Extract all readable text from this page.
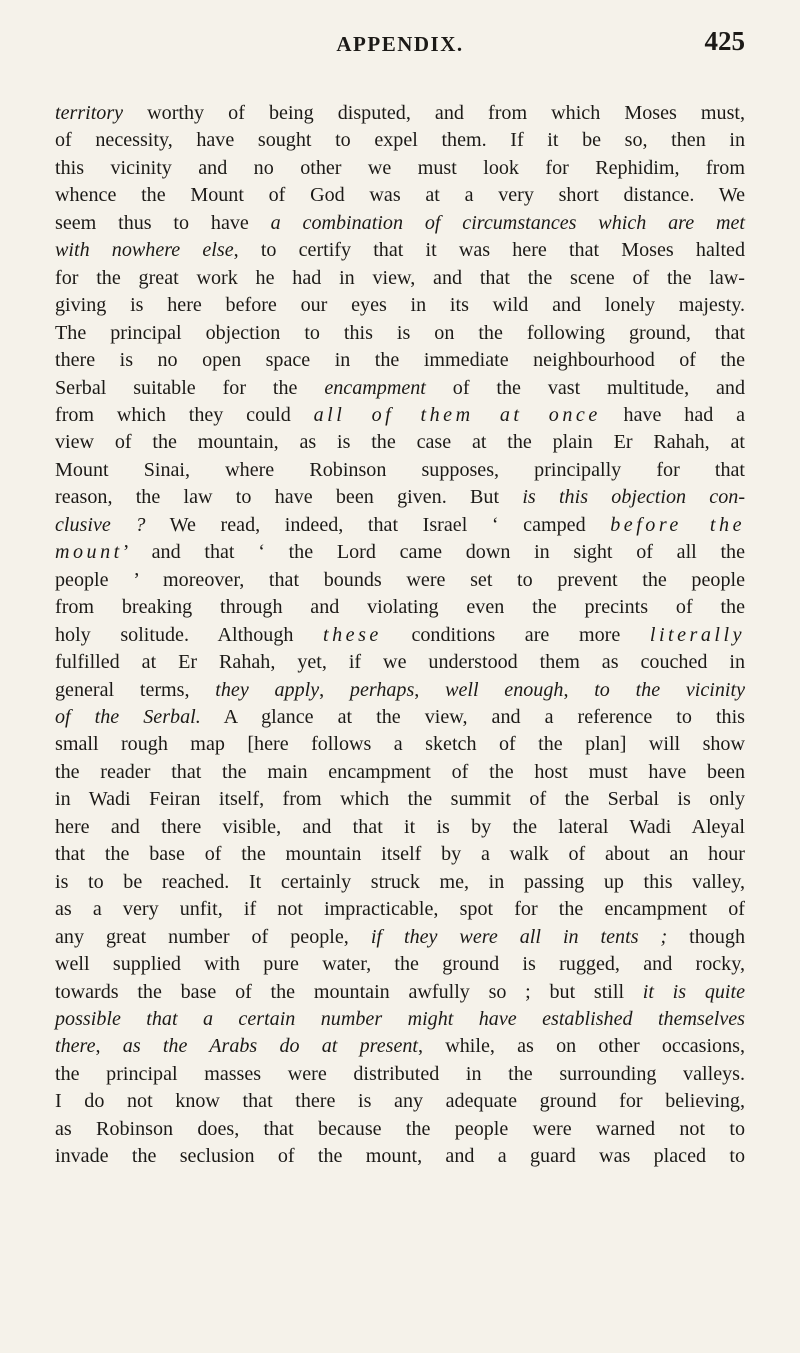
APPENDIX.	425
territory worthy of being disputed, and from which Moses must,
of necessity, have sought to expel them. If it be so, then in
this vicinity and no other we must look for Rephidim, from
whence the Mount of God was at a very short distance. We
seem thus to have a combination of circumstances which are met
with nowhere else, to certify that it was here that Moses halted
for the great work he had in view, and that the scene of the law-
giving is here before our eyes in its wild and lonely majesty.
The principal objection to this is on the following ground, that
there is no open space in the immediate neighbourhood of the
Serbal suitable for the encampment of the vast multitude, and
from which they could all of them at once have had a
view of the mountain, as is the case at the plain Er Rahah, at
Mount Sinai, where Robinson supposes, principally for that
reason, the law to have been given. But is this objection con-
clusive ? We read, indeed, that Israel ‘ camped before the
mount’ and that ‘ the Lord came down in sight of all the
people ’ moreover, that bounds were set to prevent the people
from breaking through and violating even the precints of the
holy solitude. Although these conditions are more literally
fulfilled at Er Rahah, yet, if we understood them as couched in
general terms, they apply, perhaps, well enough, to the vicinity
of the Serbal. A glance at the view, and a reference to this
small rough map [here follows a sketch of the plan] will show
the reader that the main encampment of the host must have been
in Wadi Feiran itself, from which the summit of the Serbal is only
here and there visible, and that it is by the lateral Wadi Aleyal
that the base of the mountain itself by a walk of about an hour
is to be reached. It certainly struck me, in passing up this valley,
as a very unfit, if not impracticable, spot for the encampment of
any great number of people, if they were all in tents ; though
well supplied with pure water, the ground is rugged, and rocky,
towards the base of the mountain awfully so ; but still it is quite
possible that a certain number might have established themselves
there, as the Arabs do at present, while, as on other occasions,
the principal masses were distributed in the surrounding valleys.
I do not know that there is any adequate ground for believing,
as Robinson does, that because the people were warned not to
invade the seclusion of the mount, and a guard was placed to
